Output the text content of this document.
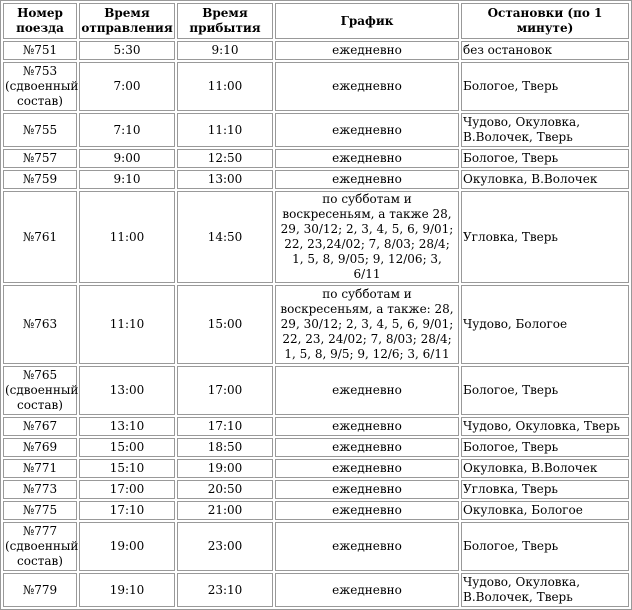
Номер поезда	Время отправления	Время прибытия	График	Остановки (по 1 минуте)
№751	5:30	9:10	ежедневно	без остановок
№753 (сдвоенный состав)	7:00	11:00	ежедневно	Бологое, Тверь
№755	7:10	11:10	ежедневно	Чудово, Окуловка, В.Волочек, Тверь
№757	9:00	12:50	ежедневно	Бологое, Тверь
№759	9:10	13:00	ежедневно	Окуловка, В.Волочек
№761	11:00	14:50	по субботам и воскресеньям, а также 28, 29, 30/12; 2, 3, 4, 5, 6, 9/01; 22, 23,24/02; 7, 8/03; 28/4; 1, 5, 8, 9/05; 9, 12/06; 3, 6/11	Угловка, Тверь
№763	11:10	15:00	по субботам и воскресеньям, а также: 28, 29, 30/12; 2, 3, 4, 5, 6, 9/01; 22, 23, 24/02; 7, 8/03; 28/4; 1, 5, 8, 9/5; 9, 12/6; 3, 6/11	Чудово, Бологое
№765 (сдвоенный состав)	13:00	17:00	ежедневно	Бологое, Тверь
№767	13:10	17:10	ежедневно	Чудово, Окуловка, Тверь
№769	15:00	18:50	ежедневно	Бологое, Тверь
№771	15:10	19:00	ежедневно	Окуловка, В.Волочек
№773	17:00	20:50	ежедневно	Угловка, Тверь
№775	17:10	21:00	ежедневно	Окуловка, Бологое
№777 (сдвоенный состав)	19:00	23:00	ежедневно	Бологое, Тверь
№779	19:10	23:10	ежедневно	Чудово, Окуловка, В.Волочек, Тверь
